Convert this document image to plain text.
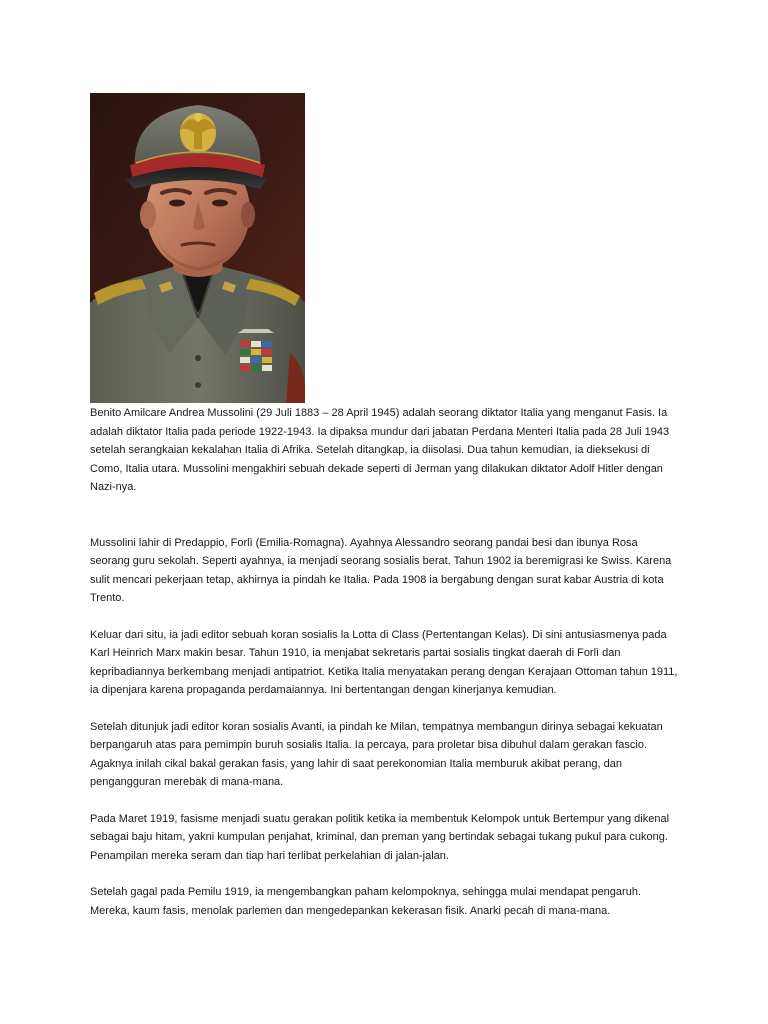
Benito Amilcare Andrea Mussolini (29 Juli 1883 – 28 April 1945) adalah seorang diktator Italia yang menganut Fasis. Ia adalah diktator Italia pada periode 1922-1943. Ia dipaksa mundur dari jabatan Perdana Menteri Italia pada 28 Juli 1943 setelah serangkaian kekalahan Italia di Afrika. Setelah ditangkap, ia diisolasi. Dua tahun kemudian, ia dieksekusi di Como, Italia utara. Mussolini mengakhiri sebuah dekade seperti di Jerman yang dilakukan diktator Adolf Hitler dengan Nazi-nya.

Mussolini lahir di Predappio, Forlì (Emilia-Romagna). Ayahnya Alessandro seorang pandai besi dan ibunya Rosa seorang guru sekolah. Seperti ayahnya, ia menjadi seorang sosialis berat. Tahun 1902 ia beremigrasi ke Swiss. Karena sulit mencari pekerjaan tetap, akhirnya ia pindah ke Italia. Pada 1908 ia bergabung dengan surat kabar Austria di kota Trento.

Keluar dari situ, ia jadi editor sebuah koran sosialis la Lotta di Class (Pertentangan Kelas). Di sini antusiasmenya pada Karl Heinrich Marx makin besar. Tahun 1910, ia menjabat sekretaris partai sosialis tingkat daerah di Forlì dan kepribadiannya berkembang menjadi antipatriot. Ketika Italia menyatakan perang dengan Kerajaan Ottoman tahun 1911, ia dipenjara karena propaganda perdamaiannya. Ini bertentangan dengan kinerjanya kemudian.

Setelah ditunjuk jadi editor koran sosialis Avanti, ia pindah ke Milan, tempatnya membangun dirinya sebagai kekuatan berpangaruh atas para pemimpin buruh sosialis Italia. Ia percaya, para proletar bisa dibuhul dalam gerakan fascio. Agaknya inilah cikal bakal gerakan fasis, yang lahir di saat perekonomian Italia memburuk akibat perang, dan pengangguran merebak di mana-mana.

Pada Maret 1919, fasisme menjadi suatu gerakan politik ketika ia membentuk Kelompok untuk Bertempur yang dikenal sebagai baju hitam, yakni kumpulan penjahat, kriminal, dan preman yang bertindak sebagai tukang pukul para cukong. Penampilan mereka seram dan tiap hari terlibat perkelahian di jalan-jalan.

Setelah gagal pada Pemilu 1919, ia mengembangkan paham kelompoknya, sehingga mulai mendapat pengaruh. Mereka, kaum fasis, menolak parlemen dan mengedepankan kekerasan fisik. Anarki pecah di mana-mana.
